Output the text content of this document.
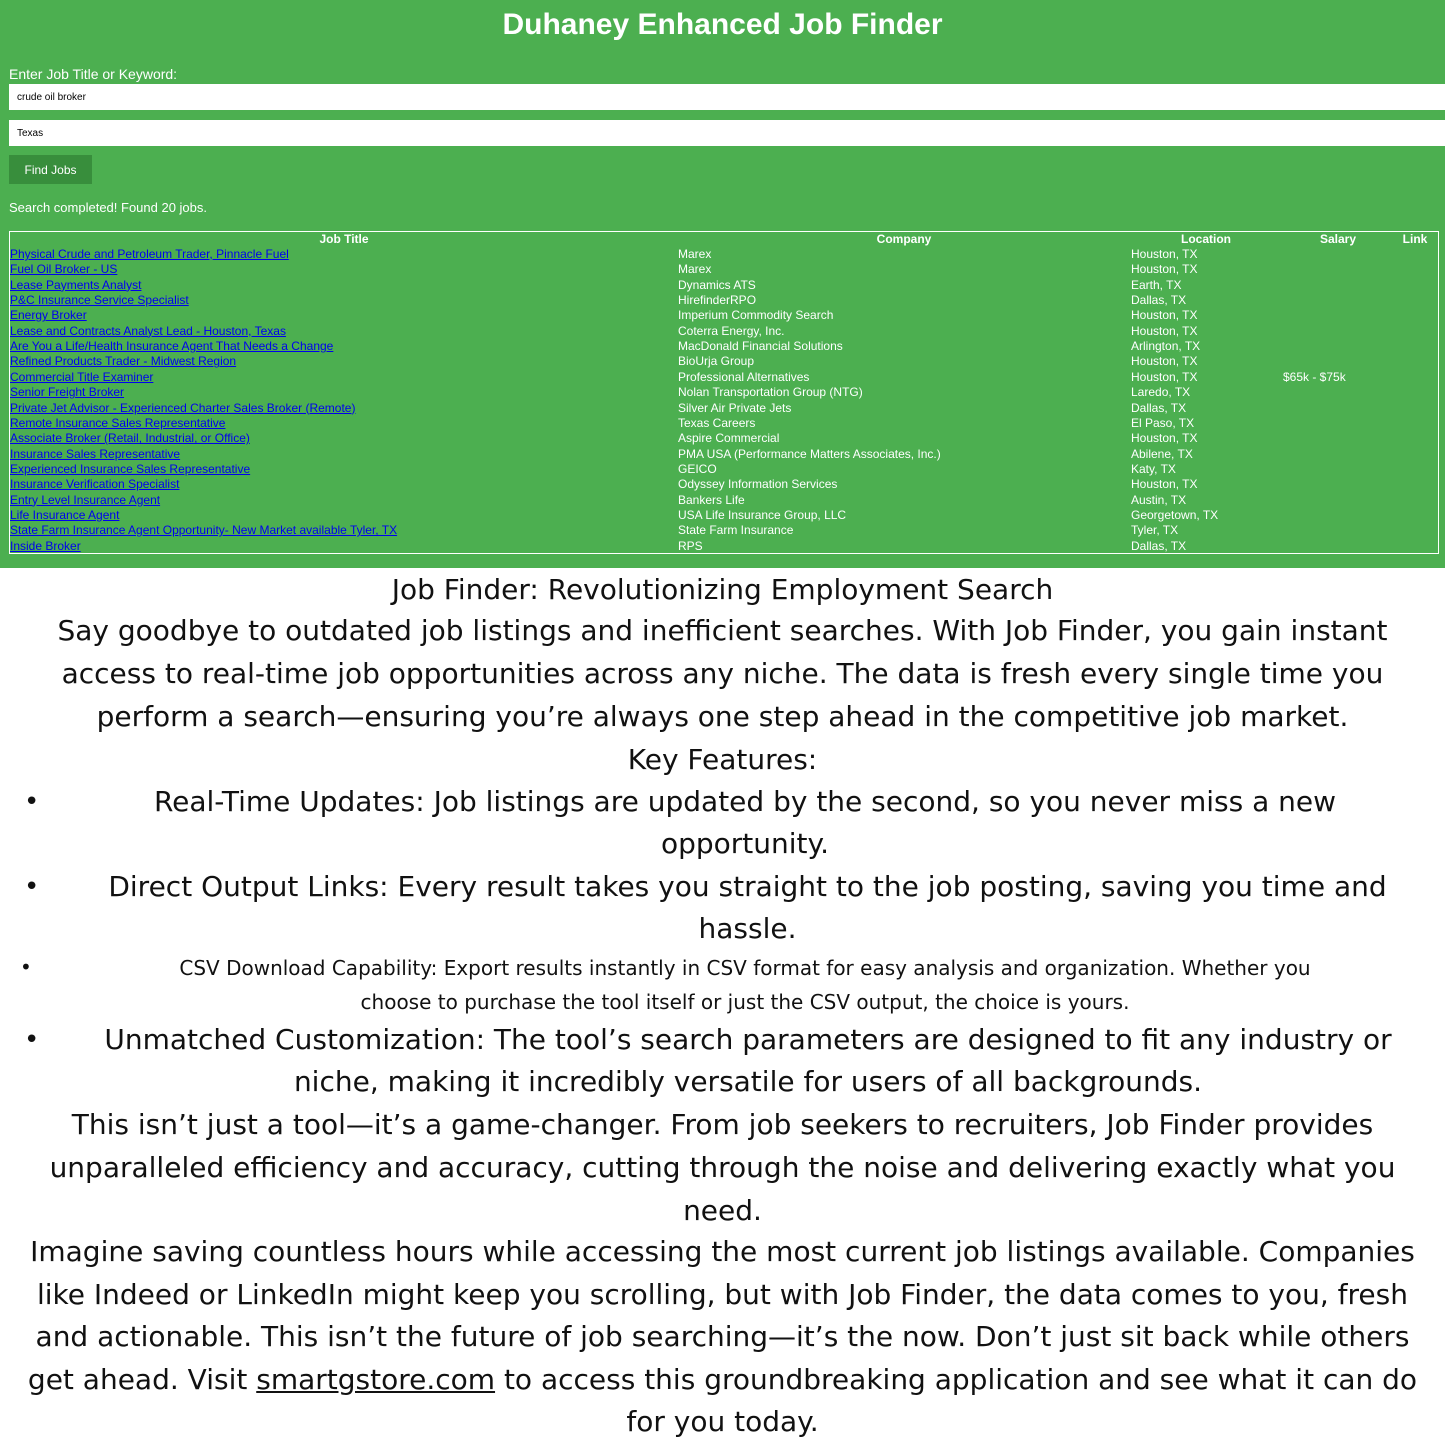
Duhaney Enhanced Job Finder
Enter Job Title or Keyword:
crude oil broker
Texas
Find Jobs
Search completed! Found 20 jobs.
Job Title	Company	Location	Salary	Link
Physical Crude and Petroleum Trader, Pinnacle Fuel	Marex	Houston, TX
Fuel Oil Broker - US	Marex	Houston, TX
Lease Payments Analyst	Dynamics ATS	Earth, TX
P&C Insurance Service Specialist	HirefinderRPO	Dallas, TX
Energy Broker	Imperium Commodity Search	Houston, TX
Lease and Contracts Analyst Lead - Houston, Texas	Coterra Energy, Inc.	Houston, TX
Are You a Life/Health Insurance Agent That Needs a Change	MacDonald Financial Solutions	Arlington, TX
Refined Products Trader - Midwest Region	BioUrja Group	Houston, TX
Commercial Title Examiner	Professional Alternatives	Houston, TX	$65k - $75k
Senior Freight Broker	Nolan Transportation Group (NTG)	Laredo, TX
Private Jet Advisor - Experienced Charter Sales Broker (Remote)	Silver Air Private Jets	Dallas, TX
Remote Insurance Sales Representative	Texas Careers	El Paso, TX
Associate Broker (Retail, Industrial, or Office)	Aspire Commercial	Houston, TX
Insurance Sales Representative	PMA USA (Performance Matters Associates, Inc.)	Abilene, TX
Experienced Insurance Sales Representative	GEICO	Katy, TX
Insurance Verification Specialist	Odyssey Information Services	Houston, TX
Entry Level Insurance Agent	Bankers Life	Austin, TX
Life Insurance Agent	USA Life Insurance Group, LLC	Georgetown, TX
State Farm Insurance Agent Opportunity- New Market available Tyler, TX	State Farm Insurance	Tyler, TX
Inside Broker	RPS	Dallas, TX
Job Finder: Revolutionizing Employment Search
Say goodbye to outdated job listings and inefficient searches. With Job Finder, you gain instant
access to real-time job opportunities across any niche. The data is fresh every single time you
perform a search—ensuring you’re always one step ahead in the competitive job market.
Key Features:
•	Real-Time Updates: Job listings are updated by the second, so you never miss a new
opportunity.
•	Direct Output Links: Every result takes you straight to the job posting, saving you time and
hassle.
•	CSV Download Capability: Export results instantly in CSV format for easy analysis and organization. Whether you
choose to purchase the tool itself or just the CSV output, the choice is yours.
•	Unmatched Customization: The tool’s search parameters are designed to fit any industry or
niche, making it incredibly versatile for users of all backgrounds.
This isn’t just a tool—it’s a game-changer. From job seekers to recruiters, Job Finder provides
unparalleled efficiency and accuracy, cutting through the noise and delivering exactly what you
need.
Imagine saving countless hours while accessing the most current job listings available. Companies
like Indeed or LinkedIn might keep you scrolling, but with Job Finder, the data comes to you, fresh
and actionable. This isn’t the future of job searching—it’s the now. Don’t just sit back while others
get ahead. Visit smartgstore.com to access this groundbreaking application and see what it can do
for you today.
